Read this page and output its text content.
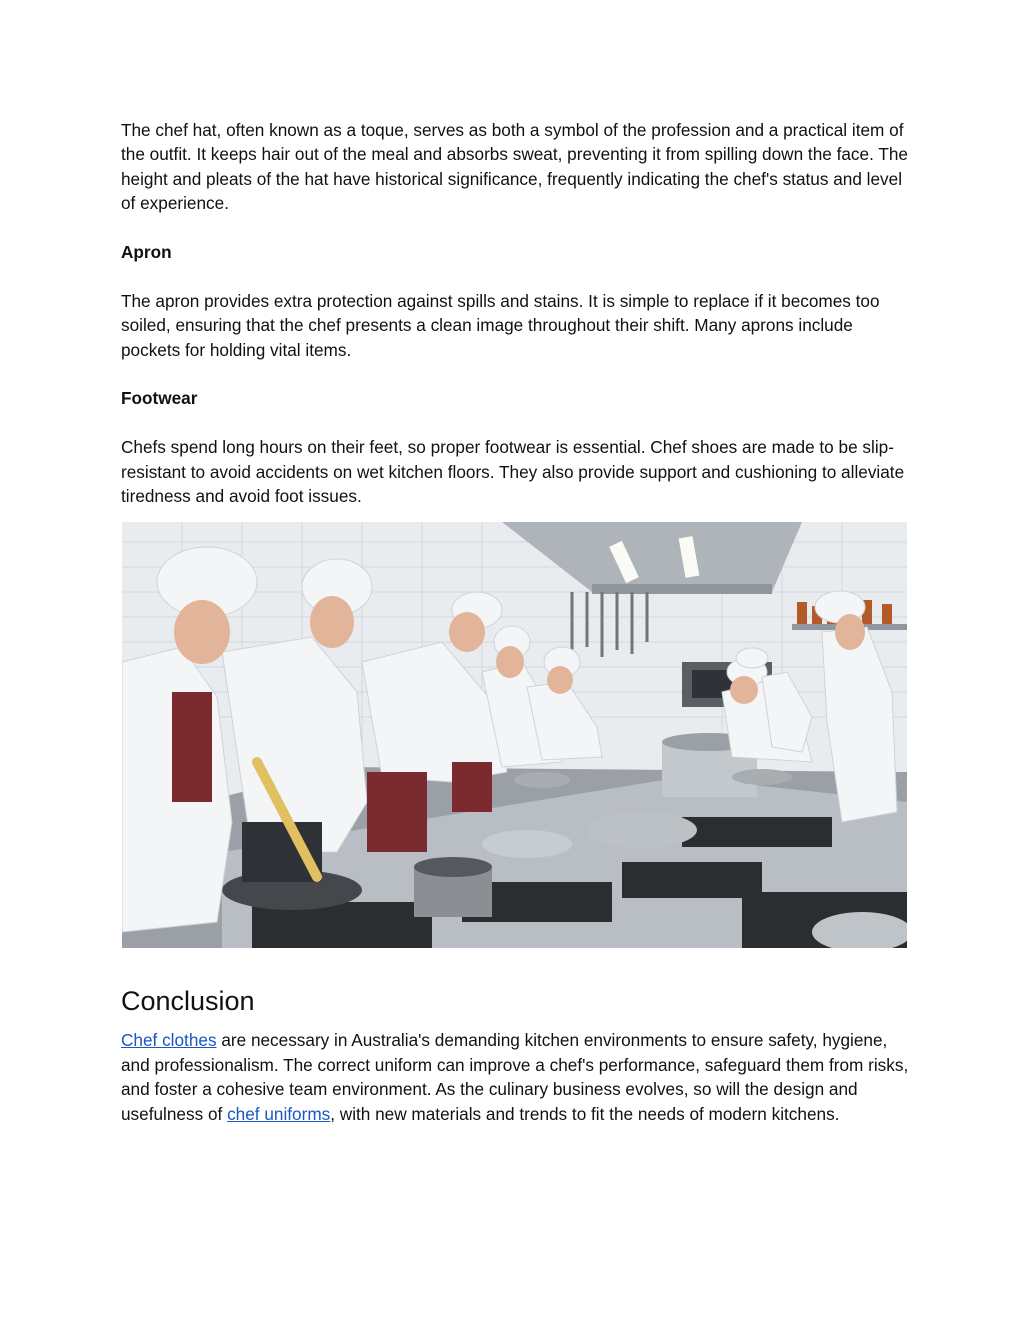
The chef hat, often known as a toque, serves as both a symbol of the profession and a practical item of the outfit. It keeps hair out of the meal and absorbs sweat, preventing it from spilling down the face. The height and pleats of the hat have historical significance, frequently indicating the chef's status and level of experience.

Apron

The apron provides extra protection against spills and stains. It is simple to replace if it becomes too soiled, ensuring that the chef presents a clean image throughout their shift. Many aprons include pockets for holding vital items.

Footwear

Chefs spend long hours on their feet, so proper footwear is essential. Chef shoes are made to be slip-resistant to avoid accidents on wet kitchen floors. They also provide support and cushioning to alleviate tiredness and avoid foot issues.

Conclusion

Chef clothes are necessary in Australia's demanding kitchen environments to ensure safety, hygiene, and professionalism. The correct uniform can improve a chef's performance, safeguard them from risks, and foster a cohesive team environment. As the culinary business evolves, so will the design and usefulness of chef uniforms, with new materials and trends to fit the needs of modern kitchens.
